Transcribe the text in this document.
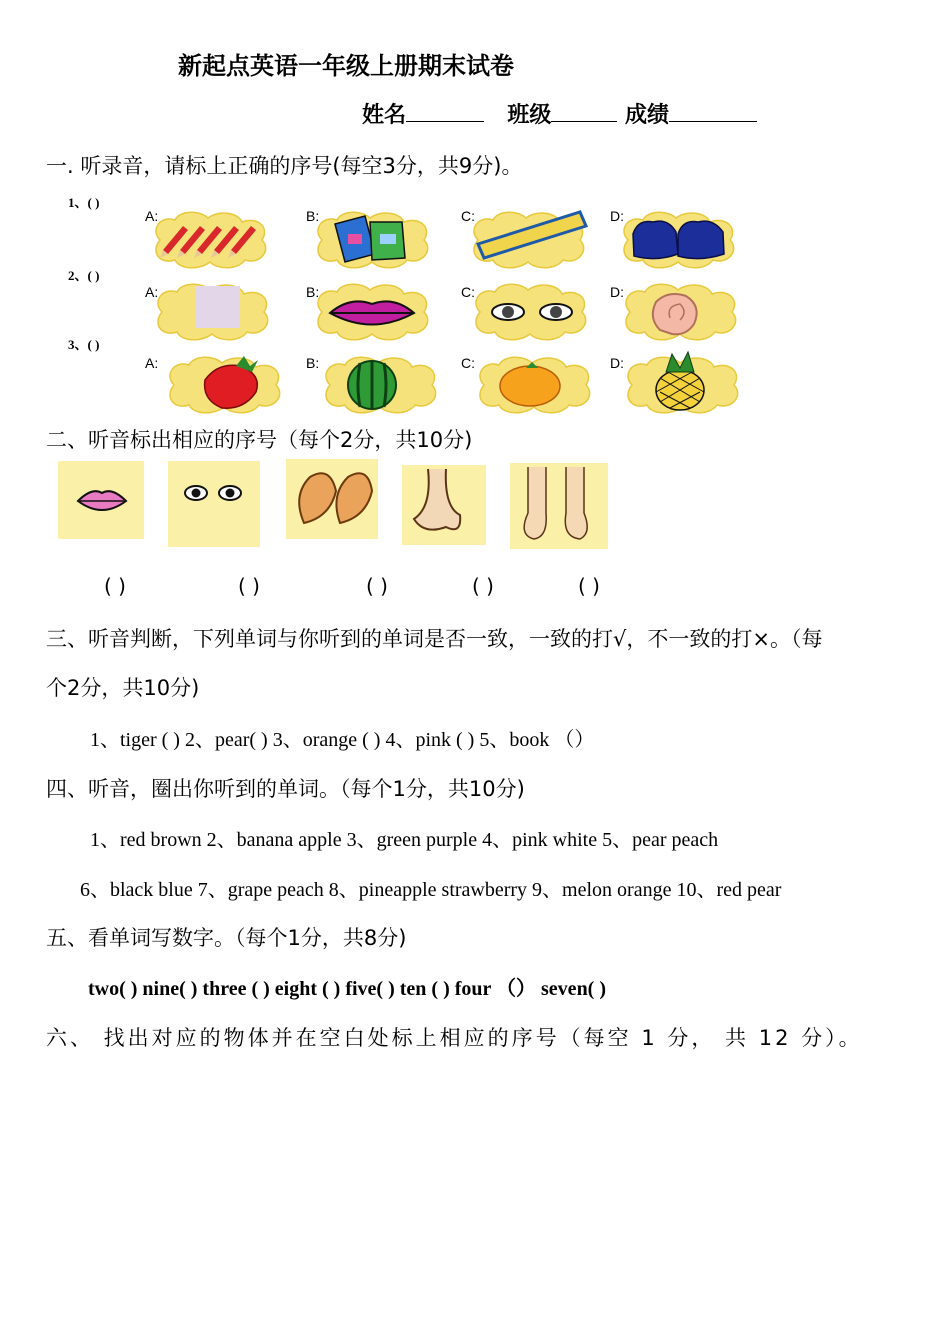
新起点英语一年级上册期末试卷
姓名	班级	成绩
一. 听录音，请标上正确的序号(每空3分，共9分)。
1、( )
2、( )
3、( )
A:	B:	C:	D:
A:	B:	C:	D:
A:	B:	C:	D:
二、听音标出相应的序号（每个2分，共10分)
( )	( )	( )	( )	( )
三、听音判断，下列单词与你听到的单词是否一致，一致的打√，不一致的打×。（每
个2分，共10分)
1、tiger ( ) 2、pear( ) 3、orange ( ) 4、pink ( ) 5、book （）
四、听音，圈出你听到的单词。（每个1分，共10分)
1、red brown 2、banana apple 3、green purple 4、pink white 5、pear peach
6、black blue 7、grape peach 8、pineapple strawberry 9、melon orange 10、red pear
五、看单词写数字。（每个1分，共8分)
two( ) nine( ) three ( ) eight ( ) five( ) ten ( ) four （） seven( )
六、 找出对应的物体并在空白处标上相应的序号（每空 1 分， 共 12 分）。
